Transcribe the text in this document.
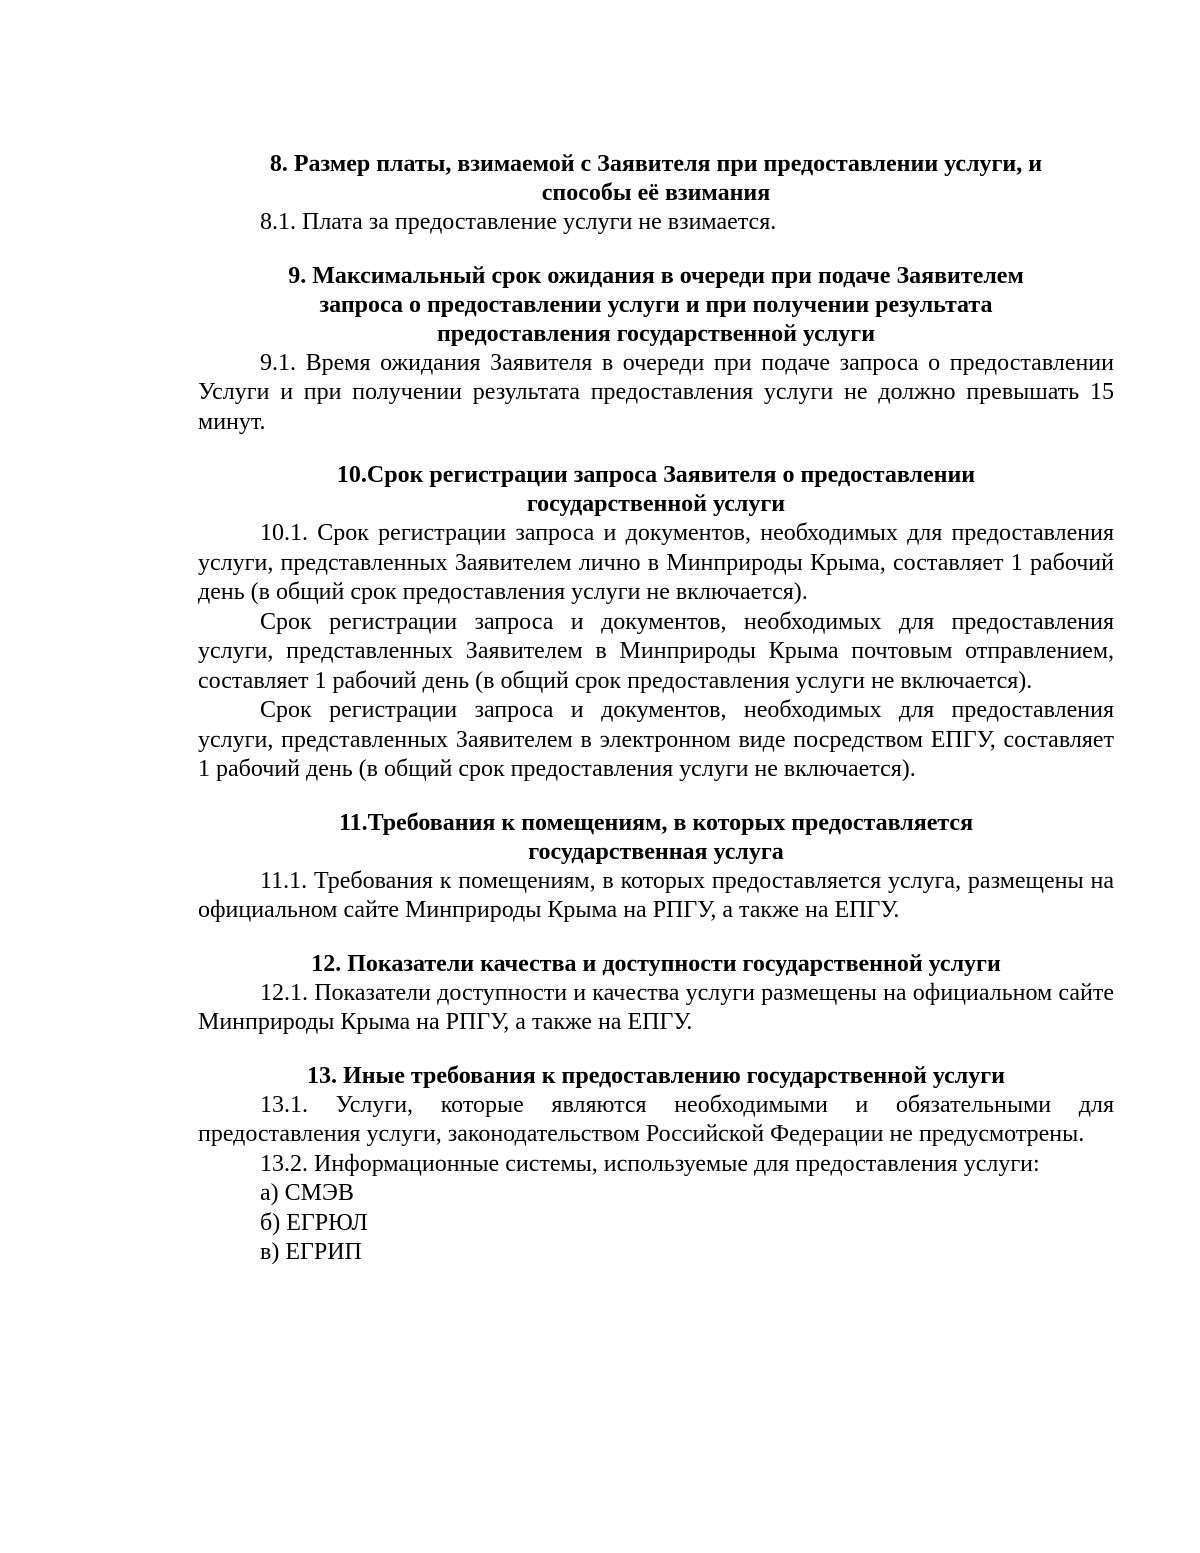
8. Размер платы, взимаемой с Заявителя при предоставлении услуги, и
способы её взимания

8.1. Плата за предоставление услуги не взимается.

9. Максимальный срок ожидания в очереди при подаче Заявителем
запроса о предоставлении услуги и при получении результата
предоставления государственной услуги

9.1. Время ожидания Заявителя в очереди при подаче запроса о предоставлении Услуги и при получении результата предоставления услуги не должно превышать 15 минут.

10.Срок регистрации запроса Заявителя о предоставлении
государственной услуги

10.1. Срок регистрации запроса и документов, необходимых для предоставления услуги, представленных Заявителем лично в Минприроды Крыма, составляет 1 рабочий день (в общий срок предоставления услуги не включается).

Срок регистрации запроса и документов, необходимых для предоставления услуги, представленных Заявителем в Минприроды Крыма почтовым отправлением, составляет 1 рабочий день (в общий срок предоставления услуги не включается).

Срок регистрации запроса и документов, необходимых для предоставления услуги, представленных Заявителем в электронном виде посредством ЕПГУ, составляет 1 рабочий день (в общий срок предоставления услуги не включается).

11.Требования к помещениям, в которых предоставляется
государственная услуга

11.1. Требования к помещениям, в которых предоставляется услуга, размещены на официальном сайте Минприроды Крыма на РПГУ, а также на ЕПГУ.

12. Показатели качества и доступности государственной услуги

12.1. Показатели доступности и качества услуги размещены на официальном сайте Минприроды Крыма на РПГУ, а также на ЕПГУ.

13. Иные требования к предоставлению государственной услуги

13.1. Услуги, которые являются необходимыми и обязательными для предоставления услуги, законодательством Российской Федерации не предусмотрены.

13.2. Информационные системы, используемые для предоставления услуги:

а) СМЭВ

б) ЕГРЮЛ

в) ЕГРИП
